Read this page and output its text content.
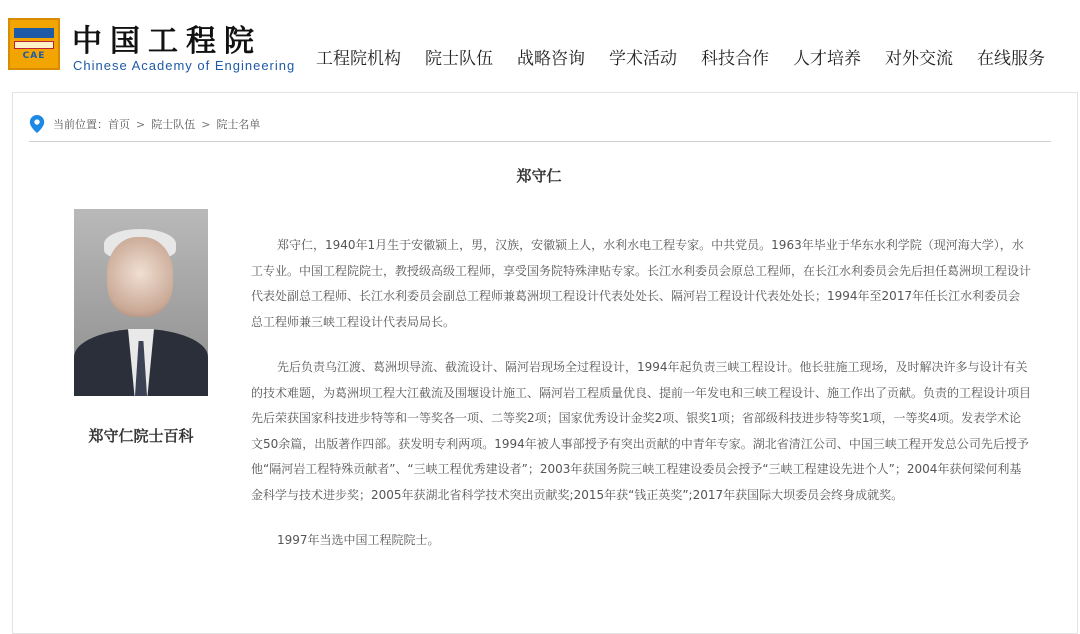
CAE 中国工程院
Chinese Academy of Engineering 工程院机构 院士队伍 战略咨询 学术活动 科技合作 人才培养 对外交流 在线服务
当前位置： 首页 > 院士队伍 > 院士名单
郑守仁
郑守仁院士百科

郑守仁，1940年1月生于安徽颍上，男，汉族，安徽颍上人，水利水电工程专家。中共党员。1963年毕业于华东水利学院（现河海大学），水工专业。中国工程院院士，教授级高级工程师，享受国务院特殊津贴专家。长江水利委员会原总工程师，在长江水利委员会先后担任葛洲坝工程设计代表处副总工程师、长江水利委员会副总工程师兼葛洲坝工程设计代表处处长、隔河岩工程设计代表处处长；1994年至2017年任长江水利委员会总工程师兼三峡工程设计代表局局长。

先后负责乌江渡、葛洲坝导流、截流设计、隔河岩现场全过程设计，1994年起负责三峡工程设计。他长驻施工现场，及时解决许多与设计有关的技术难题，为葛洲坝工程大江截流及围堰设计施工、隔河岩工程质量优良、提前一年发电和三峡工程设计、施工作出了贡献。负责的工程设计项目先后荣获国家科技进步特等和一等奖各一项、二等奖2项；国家优秀设计金奖2项、银奖1项；省部级科技进步特等奖1项，一等奖4项。发表学术论文50余篇，出版著作四部。获发明专利两项。1994年被人事部授予有突出贡献的中青年专家。湖北省清江公司、中国三峡工程开发总公司先后授予他“隔河岩工程特殊贡献者”、“三峡工程优秀建设者”；2003年获国务院三峡工程建设委员会授予“三峡工程建设先进个人”；2004年获何梁何利基金科学与技术进步奖；2005年获湖北省科学技术突出贡献奖;2015年获“钱正英奖”;2017年获国际大坝委员会终身成就奖。

1997年当选中国工程院院士。
